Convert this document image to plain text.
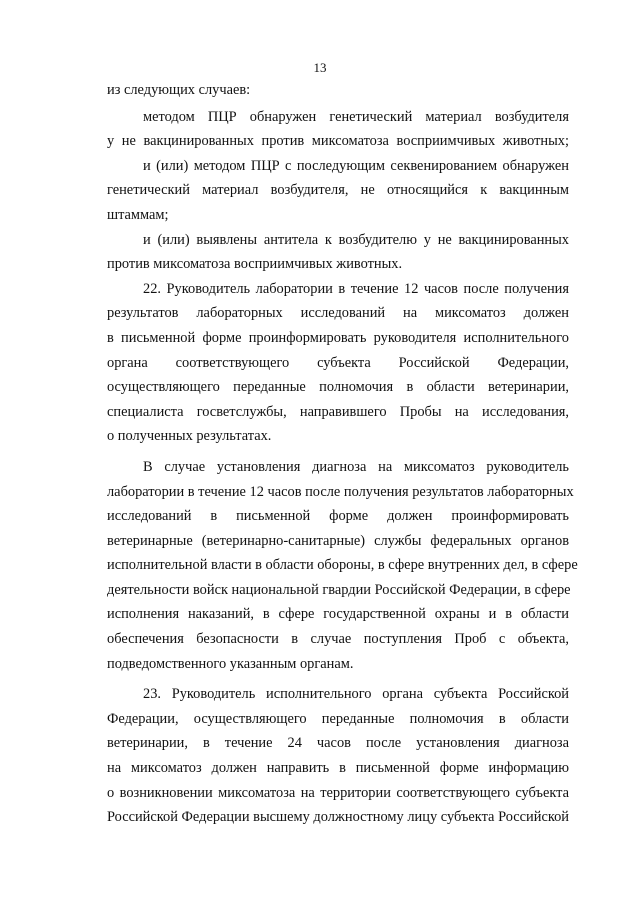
13
из следующих случаев:
методом ПЦР обнаружен генетический материал возбудителя
у не вакцинированных против миксоматоза восприимчивых животных;
и (или) методом ПЦР с последующим секвенированием обнаружен
генетический материал возбудителя, не относящийся к вакцинным
штаммам;
и (или) выявлены антитела к возбудителю у не вакцинированных
против миксоматоза восприимчивых животных.
22. Руководитель лаборатории в течение 12 часов после получения
результатов лабораторных исследований на миксоматоз должен
в письменной форме проинформировать руководителя исполнительного
органа соответствующего субъекта Российской Федерации,
осуществляющего переданные полномочия в области ветеринарии,
специалиста госветслужбы, направившего Пробы на исследования,
о полученных результатах.
В случае установления диагноза на миксоматоз руководитель
лаборатории в течение 12 часов после получения результатов лабораторных
исследований в письменной форме должен проинформировать
ветеринарные (ветеринарно-санитарные) службы федеральных органов
исполнительной власти в области обороны, в сфере внутренних дел, в сфере
деятельности войск национальной гвардии Российской Федерации, в сфере
исполнения наказаний, в сфере государственной охраны и в области
обеспечения безопасности в случае поступления Проб с объекта,
подведомственного указанным органам.
23. Руководитель исполнительного органа субъекта Российской
Федерации, осуществляющего переданные полномочия в области
ветеринарии, в течение 24 часов после установления диагноза
на миксоматоз должен направить в письменной форме информацию
о возникновении миксоматоза на территории соответствующего субъекта
Российской Федерации высшему должностному лицу субъекта Российской
